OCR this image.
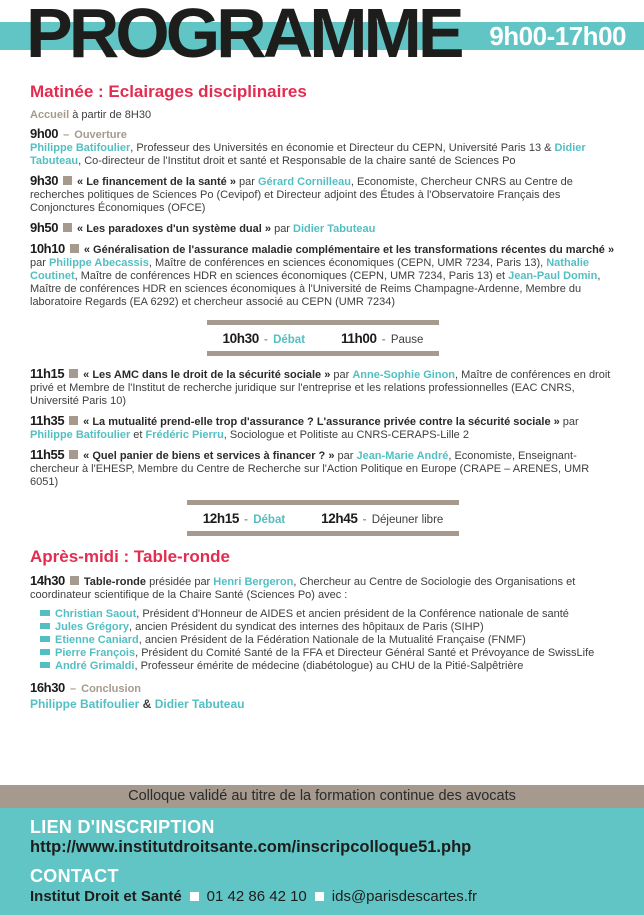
PROGRAMME 9h00-17h00
Matinée : Eclairages disciplinaires

Accueil à partir de 8H30

9h00 – Ouverture

Philippe Batifoulier, Professeur des Universités en économie et Directeur du CEPN, Université Paris 13 & Didier Tabuteau, Co-directeur de l'Institut droit et santé et Responsable de la chaire santé de Sciences Po

9h30 « Le financement de la santé » par Gérard Cornilleau, Economiste, Chercheur CNRS au Centre de recherches politiques de Sciences Po (Cevipof) et Directeur adjoint des Études à l'Observatoire Français des Conjonctures Économiques (OFCE)

9h50 « Les paradoxes d'un système dual » par Didier Tabuteau

10h10 « Généralisation de l'assurance maladie complémentaire et les transformations récentes du marché » par Philippe Abecassis, Maître de conférences en sciences économiques (CEPN, UMR 7234, Paris 13), Nathalie Coutinet, Maître de conférences HDR en sciences économiques (CEPN, UMR 7234, Paris 13) et Jean-Paul Domin, Maître de conférences HDR en sciences économiques à l'Université de Reims Champagne-Ardenne, Membre du laboratoire Regards (EA 6292) et chercheur associé au CEPN (UMR 7234)

10h30 - Débat	11h00 - Pause

11h15 « Les AMC dans le droit de la sécurité sociale » par Anne-Sophie Ginon, Maître de conférences en droit privé et Membre de l'Institut de recherche juridique sur l'entreprise et les relations professionnelles (EAC CNRS, Université Paris 10)

11h35 « La mutualité prend-elle trop d'assurance ? L'assurance privée contre la sécurité sociale » par Philippe Batifoulier et Frédéric Pierru, Sociologue et Politiste au CNRS-CERAPS-Lille 2

11h55 « Quel panier de biens et services à financer ? » par Jean-Marie André, Economiste, Enseignant-chercheur à l'EHESP, Membre du Centre de Recherche sur l'Action Politique en Europe (CRAPE – ARENES, UMR 6051)

12h15 - Débat	12h45 - Déjeuner libre
Après-midi : Table-ronde

14h30 Table-ronde présidée par Henri Bergeron, Chercheur au Centre de Sociologie des Organisations et coordinateur scientifique de la Chaire Santé (Sciences Po) avec :

Christian Saout, Président d'Honneur de AIDES et ancien président de la Conférence nationale de santé

Jules Grégory, ancien Président du syndicat des internes des hôpitaux de Paris (SIHP)

Etienne Caniard, ancien Président de la Fédération Nationale de la Mutualité Française (FNMF)

Pierre François, Président du Comité Santé de la FFA et Directeur Général Santé et Prévoyance de SwissLife

André Grimaldi, Professeur émérite de médecine (diabétologue) au CHU de la Pitié-Salpêtrière

16h30 – Conclusion

Philippe Batifoulier & Didier Tabuteau

Colloque validé au titre de la formation continue des avocats
LIEN D'INSCRIPTION
http://www.institutdroitsante.com/inscripcolloque51.php
CONTACT
Institut Droit et Santé 01 42 86 42 10 ids@parisdescartes.fr
